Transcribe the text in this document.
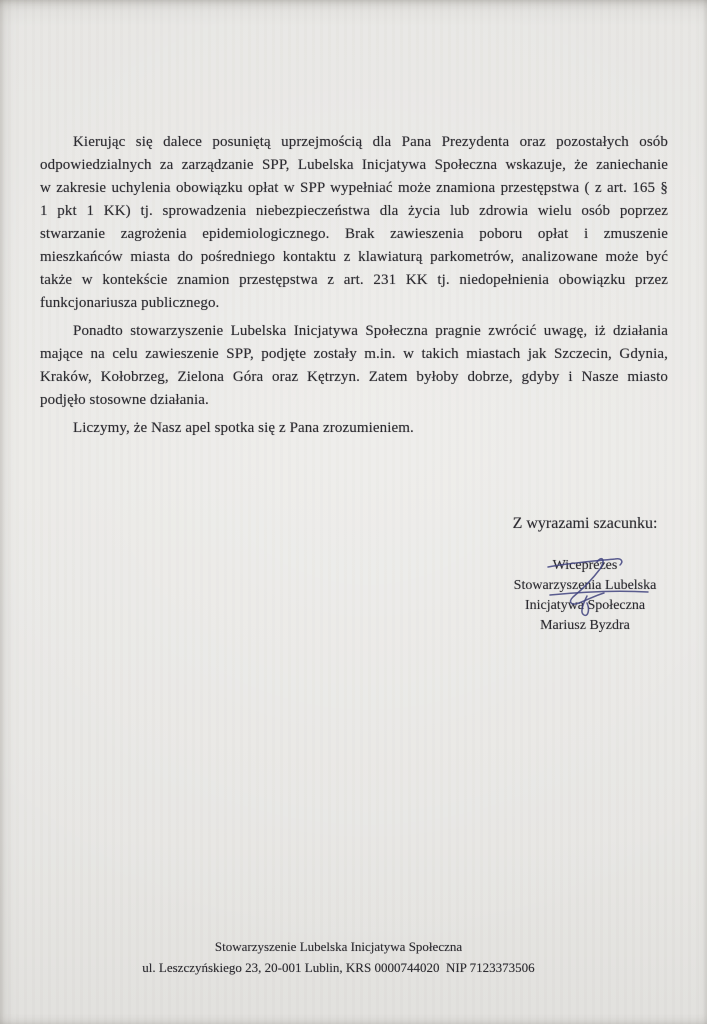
Kierując się dalece posuniętą uprzejmością dla Pana Prezydenta oraz pozostałych osób
odpowiedzialnych za zarządzanie SPP, Lubelska Inicjatywa Społeczna wskazuje, że zaniechanie
w zakresie uchylenia obowiązku opłat w SPP wypełniać może znamiona przestępstwa ( z art. 165 §
1 pkt 1 KK) tj. sprowadzenia niebezpieczeństwa dla życia lub zdrowia wielu osób poprzez
stwarzanie zagrożenia epidemiologicznego. Brak zawieszenia poboru opłat i zmuszenie
mieszkańców miasta do pośredniego kontaktu z klawiaturą parkometrów, analizowane może być
także w kontekście znamion przestępstwa z art. 231 KK tj. niedopełnienia obowiązku przez
funkcjonariusza publicznego.
Ponadto stowarzyszenie Lubelska Inicjatywa Społeczna pragnie zwrócić uwagę, iż działania
mające na celu zawieszenie SPP, podjęte zostały m.in. w takich miastach jak Szczecin, Gdynia,
Kraków, Kołobrzeg, Zielona Góra oraz Kętrzyn. Zatem byłoby dobrze, gdyby i Nasze miasto
podjęło stosowne działania.
Liczymy, że Nasz apel spotka się z Pana zrozumieniem.
Z wyrazami szacunku:
Wiceprezes
Stowarzyszenia Lubelska
Inicjatywa Społeczna
Mariusz Byzdra
Stowarzyszenie Lubelska Inicjatywa Społeczna
ul. Leszczyńskiego 23, 20-001 Lublin, KRS 0000744020  NIP 7123373506
